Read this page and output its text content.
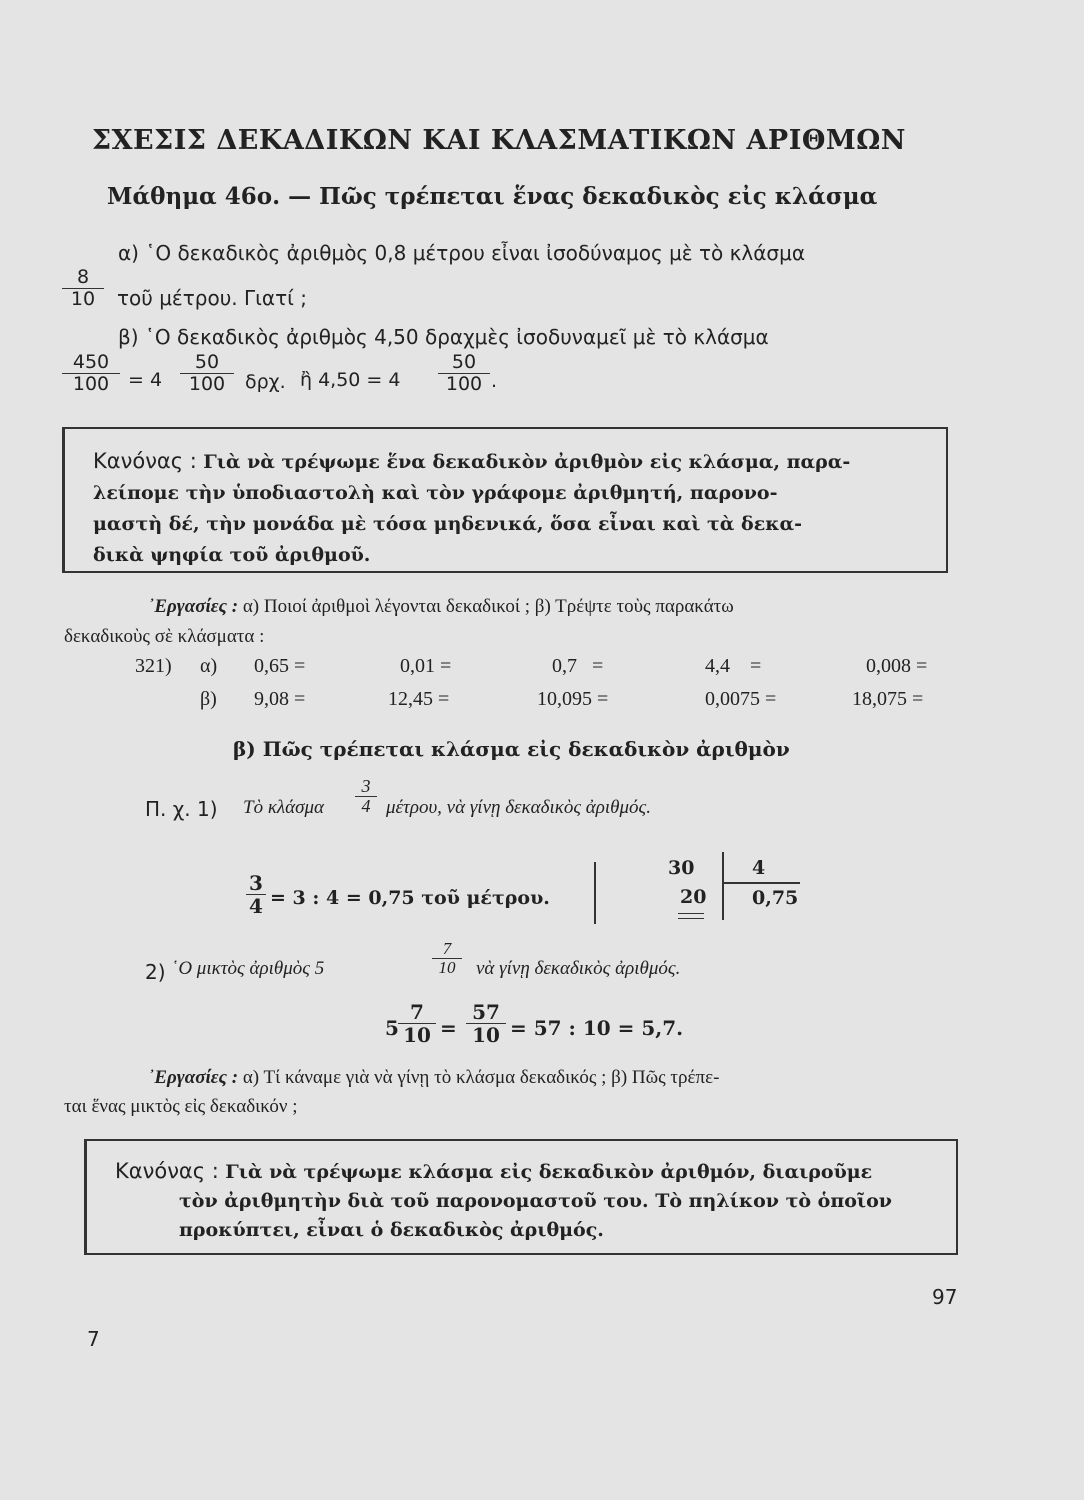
ΣΧΕΣΙΣ ΔΕΚΑΔΙΚΩΝ ΚΑΙ ΚΛΑΣΜΑΤΙΚΩΝ ΑΡΙΘΜΩΝ
Μάθημα 46ο. — Πῶς τρέπεται ἕνας δεκαδικὸς εἰς κλάσμα
α) ῾Ο δεκαδικὸς ἀριθμὸς 0,8 μέτρου εἶναι ἰσοδύναμος μὲ τὸ κλάσμα
$\frac{8}{10}$ τοῦ μέτρου. Γιατί ;
β) ῾Ο δεκαδικὸς ἀριθμὸς 4,50 δραχμὲς ἰσοδυναμεῖ μὲ τὸ κλάσμα
$\frac{450}{100} = 4 \frac{50}{100} \delta\rho\chi$. ἢ $4,50 = 4 \frac{50}{100}$ .
Κανόνας : Γιὰ νὰ τρέψωμε ἕνα δεκαδικὸν ἀριθμὸν εἰς κλάσμα, παρα-
λείπομε τὴν ὑποδιαστολὴ καὶ τὸν γράφομε ἀριθμητή, παρονο-
μαστὴ δέ, τὴν μονάδα μὲ τόσα μηδενικά, ὅσα εἶναι καὶ τὰ δεκα-
δικὰ ψηφία τοῦ ἀριθμοῦ.
᾿Εργασίες : α) Ποιοί ἀριθμοὶ λέγονται δεκαδικοί ; β) Τρέψτε τοὺς παρακάτω
δεκαδικοὺς σὲ κλάσματα :
321) α) 0,65 =	0,01 =	0,7   =	4,4    =	0,008 =
β) 9,08 =	12,45 =	10,095 =	0,0075 =	18,075 =
β) Πῶς τρέπεται κλάσμα εἰς δεκαδικὸν ἀριθμὸν
Π. χ. 1) Τὸ κλάσμα $\frac{3}{4} \mu έ\tau\rho o\upsilon$, νὰ γίνῃ δεκαδικὸς ἀριθμός.
$\frac{3}{4} = 3$ : 4 = 0,75 τοῦ μέτρου.
30
20
4
0,75
2) ῾Ο μικτὸς ἀριθμὸς 5	$\frac{7}{10}$ νὰ γίνῃ δεκαδικὸς ἀριθμός.
$5 \frac{7}{10} = \frac{57}{10} = 57$ : 10 = 5,7.
᾿Εργασίες : α) Τί κάναμε γιὰ νὰ γίνῃ τὸ κλάσμα δεκαδικός ; β) Πῶς τρέπε-
ται ἕνας μικτὸς εἰς δεκαδικόν ;
Κανόνας : Γιὰ νὰ τρέψωμε κλάσμα εἰς δεκαδικὸν ἀριθμόν, διαιροῦμε
τὸν ἀριθμητὴν διὰ τοῦ παρονομαστοῦ του. Τὸ πηλίκον τὸ ὁποῖον
προκύπτει, εἶναι ὁ δεκαδικὸς ἀριθμός.
97
7
